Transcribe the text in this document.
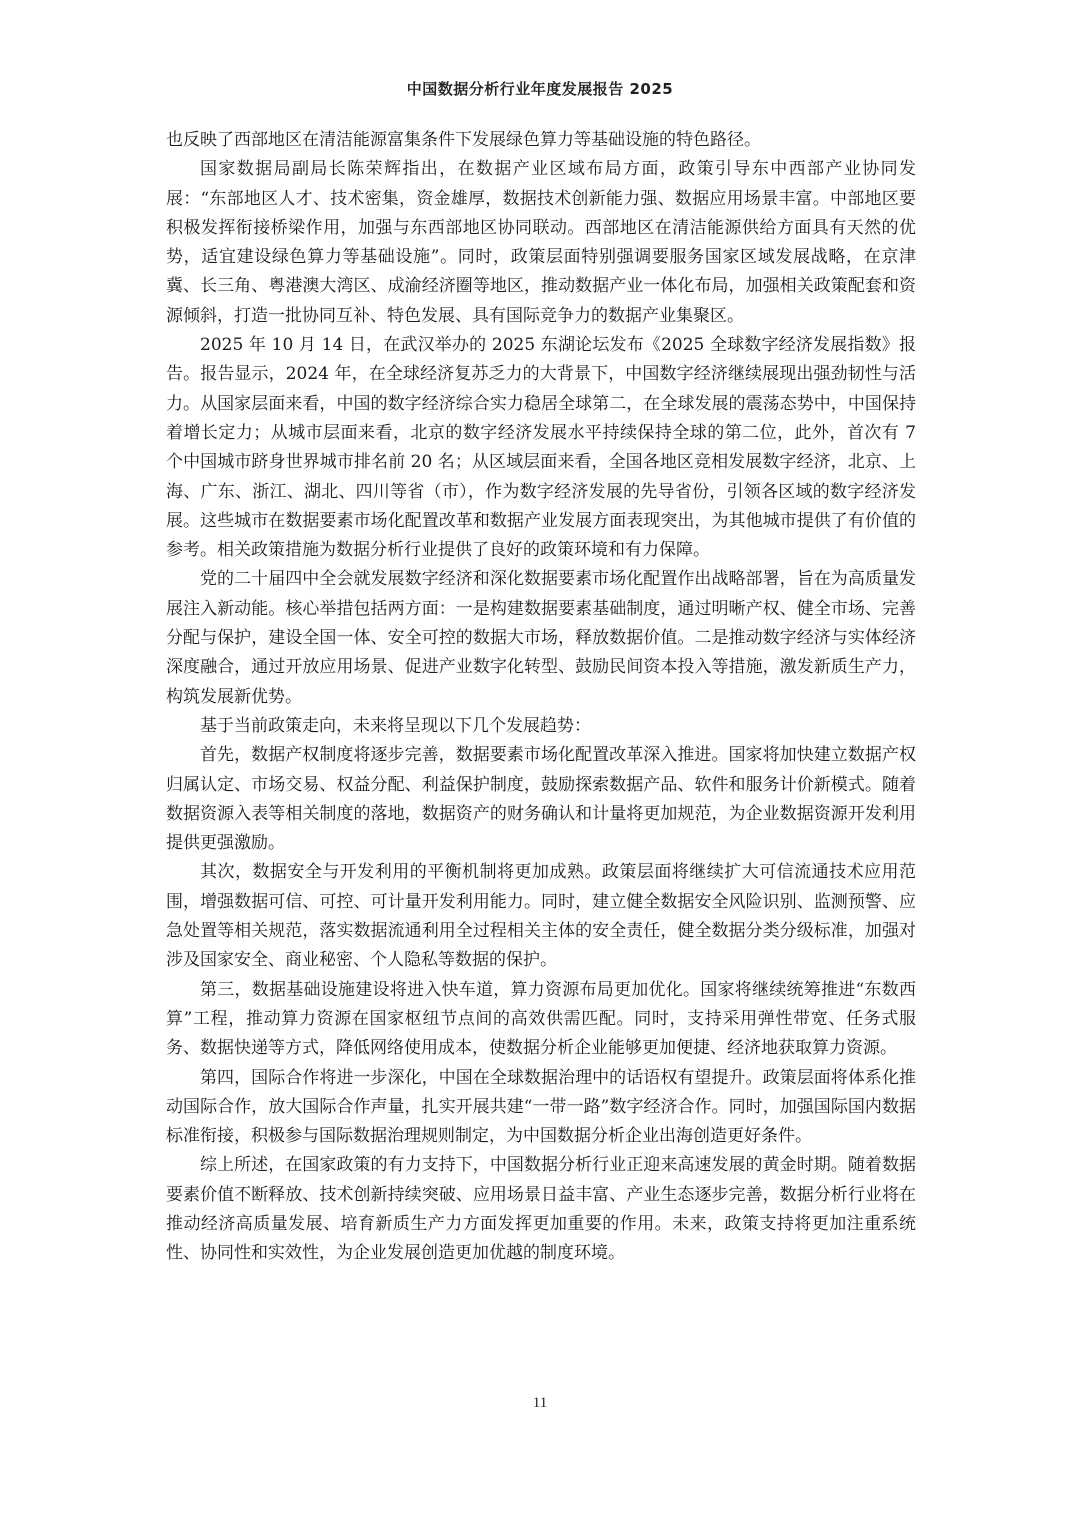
中国数据分析行业年度发展报告 2025

也反映了西部地区在清洁能源富集条件下发展绿色算力等基础设施的特色路径。

国家数据局副局长陈荣辉指出，在数据产业区域布局方面，政策引导东中西部产业协同发展：“东部地区人才、技术密集，资金雄厚，数据技术创新能力强、数据应用场景丰富。中部地区要积极发挥衔接桥梁作用，加强与东西部地区协同联动。西部地区在清洁能源供给方面具有天然的优势，适宜建设绿色算力等基础设施”。同时，政策层面特别强调要服务国家区域发展战略，在京津冀、长三角、粤港澳大湾区、成渝经济圈等地区，推动数据产业一体化布局，加强相关政策配套和资源倾斜，打造一批协同互补、特色发展、具有国际竞争力的数据产业集聚区。

2025 年 10 月 14 日，在武汉举办的 2025 东湖论坛发布《2025 全球数字经济发展指数》报告。报告显示，2024 年，在全球经济复苏乏力的大背景下，中国数字经济继续展现出强劲韧性与活力。从国家层面来看，中国的数字经济综合实力稳居全球第二，在全球发展的震荡态势中，中国保持着增长定力；从城市层面来看，北京的数字经济发展水平持续保持全球的第二位，此外，首次有 7 个中国城市跻身世界城市排名前 20 名；从区域层面来看，全国各地区竞相发展数字经济，北京、上海、广东、浙江、湖北、四川等省（市），作为数字经济发展的先导省份，引领各区域的数字经济发展。这些城市在数据要素市场化配置改革和数据产业发展方面表现突出，为其他城市提供了有价值的参考。相关政策措施为数据分析行业提供了良好的政策环境和有力保障。

党的二十届四中全会就发展数字经济和深化数据要素市场化配置作出战略部署，旨在为高质量发展注入新动能。核心举措包括两方面：一是构建数据要素基础制度，通过明晰产权、健全市场、完善分配与保护，建设全国一体、安全可控的数据大市场，释放数据价值。二是推动数字经济与实体经济深度融合，通过开放应用场景、促进产业数字化转型、鼓励民间资本投入等措施，激发新质生产力，构筑发展新优势。

基于当前政策走向，未来将呈现以下几个发展趋势：

首先，数据产权制度将逐步完善，数据要素市场化配置改革深入推进。国家将加快建立数据产权归属认定、市场交易、权益分配、利益保护制度，鼓励探索数据产品、软件和服务计价新模式。随着数据资源入表等相关制度的落地，数据资产的财务确认和计量将更加规范，为企业数据资源开发利用提供更强激励。

其次，数据安全与开发利用的平衡机制将更加成熟。政策层面将继续扩大可信流通技术应用范围，增强数据可信、可控、可计量开发利用能力。同时，建立健全数据安全风险识别、监测预警、应急处置等相关规范，落实数据流通利用全过程相关主体的安全责任，健全数据分类分级标准，加强对涉及国家安全、商业秘密、个人隐私等数据的保护。

第三，数据基础设施建设将进入快车道，算力资源布局更加优化。国家将继续统筹推进“东数西算”工程，推动算力资源在国家枢纽节点间的高效供需匹配。同时，支持采用弹性带宽、任务式服务、数据快递等方式，降低网络使用成本，使数据分析企业能够更加便捷、经济地获取算力资源。

第四，国际合作将进一步深化，中国在全球数据治理中的话语权有望提升。政策层面将体系化推动国际合作，放大国际合作声量，扎实开展共建“一带一路”数字经济合作。同时，加强国际国内数据标准衔接，积极参与国际数据治理规则制定，为中国数据分析企业出海创造更好条件。

综上所述，在国家政策的有力支持下，中国数据分析行业正迎来高速发展的黄金时期。随着数据要素价值不断释放、技术创新持续突破、应用场景日益丰富、产业生态逐步完善，数据分析行业将在推动经济高质量发展、培育新质生产力方面发挥更加重要的作用。未来，政策支持将更加注重系统性、协同性和实效性，为企业发展创造更加优越的制度环境。

11
